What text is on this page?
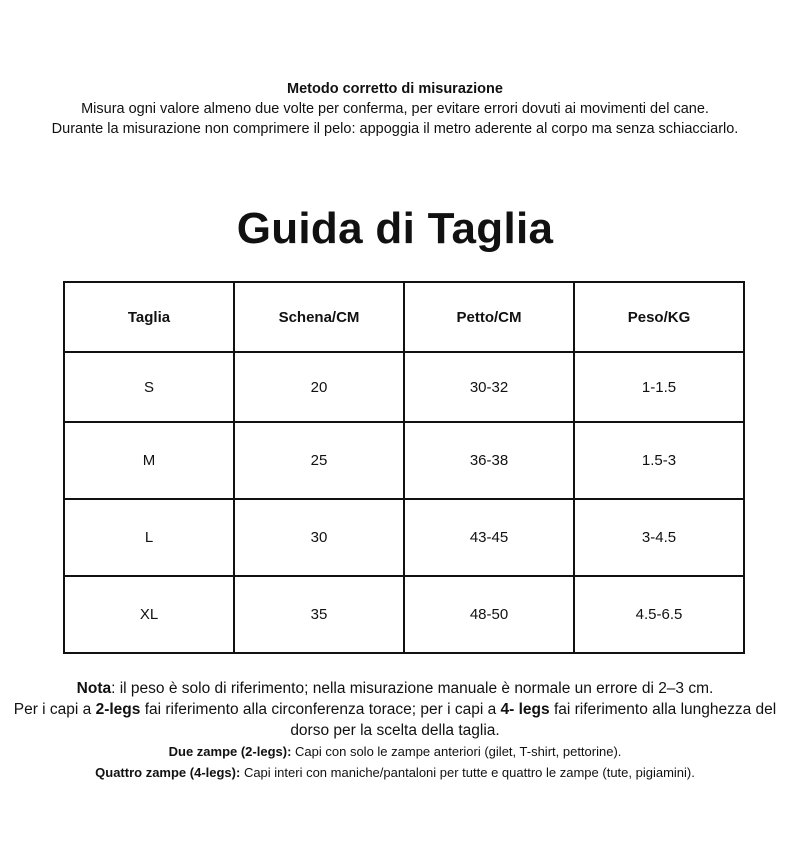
Metodo corretto di misurazione
Misura ogni valore almeno due volte per conferma, per evitare errori dovuti ai movimenti del cane.
Durante la misurazione non comprimere il pelo: appoggia il metro aderente al corpo ma senza schiacciarlo.
Guida di Taglia
Taglia	Schena/CM	Petto/CM	Peso/KG
S	20	30-32	1-1.5
M	25	36-38	1.5-3
L	30	43-45	3-4.5
XL	35	48-50	4.5-6.5
Nota: il peso è solo di riferimento; nella misurazione manuale è normale un errore di 2–3 cm.
Per i capi a 2-legs fai riferimento alla circonferenza torace; per i capi a 4- legs fai riferimento alla lunghezza del dorso per la scelta della taglia.
Due zampe (2-legs): Capi con solo le zampe anteriori (gilet, T-shirt, pettorine).
Quattro zampe (4-legs): Capi interi con maniche/pantaloni per tutte e quattro le zampe (tute, pigiamini).
